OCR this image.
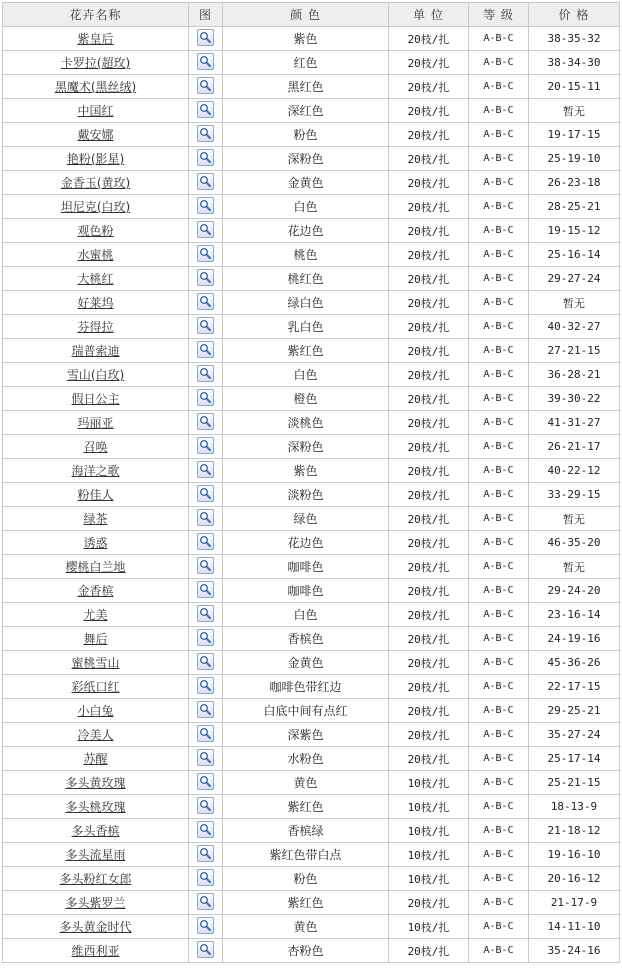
花卉名称	图	颜 色	单 位	等 级	价 格
紫皇后		紫色	20枝/扎	A-B-C	38-35-32
卡罗拉(超玫)		红色	20枝/扎	A-B-C	38-34-30
黑魔术(黑丝绒)		黑红色	20枝/扎	A-B-C	20-15-11
中国红		深红色	20枝/扎	A-B-C	暂无
戴安娜		粉色	20枝/扎	A-B-C	19-17-15
艳粉(影星)		深粉色	20枝/扎	A-B-C	25-19-10
金香玉(黄玫)		金黄色	20枝/扎	A-B-C	26-23-18
坦尼克(白玫)		白色	20枝/扎	A-B-C	28-25-21
观色粉		花边色	20枝/扎	A-B-C	19-15-12
水蜜桃		桃色	20枝/扎	A-B-C	25-16-14
大桃红		桃红色	20枝/扎	A-B-C	29-27-24
好莱坞		绿白色	20枝/扎	A-B-C	暂无
芬得拉		乳白色	20枝/扎	A-B-C	40-32-27
瑞普索迪		紫红色	20枝/扎	A-B-C	27-21-15
雪山(白玫)		白色	20枝/扎	A-B-C	36-28-21
假日公主		橙色	20枝/扎	A-B-C	39-30-22
玛丽亚		淡桃色	20枝/扎	A-B-C	41-31-27
召唤		深粉色	20枝/扎	A-B-C	26-21-17
海洋之歌		紫色	20枝/扎	A-B-C	40-22-12
粉佳人		淡粉色	20枝/扎	A-B-C	33-29-15
绿茶		绿色	20枝/扎	A-B-C	暂无
诱惑		花边色	20枝/扎	A-B-C	46-35-20
樱桃白兰地		咖啡色	20枝/扎	A-B-C	暂无
金香槟		咖啡色	20枝/扎	A-B-C	29-24-20
尤美		白色	20枝/扎	A-B-C	23-16-14
舞后		香槟色	20枝/扎	A-B-C	24-19-16
蜜桃雪山		金黄色	20枝/扎	A-B-C	45-36-26
彩纸口红		咖啡色带红边	20枝/扎	A-B-C	22-17-15
小白兔		白底中间有点红	20枝/扎	A-B-C	29-25-21
冷美人		深紫色	20枝/扎	A-B-C	35-27-24
苏醒		水粉色	20枝/扎	A-B-C	25-17-14
多头黄玫瑰		黄色	10枝/扎	A-B-C	25-21-15
多头桃玫瑰		紫红色	10枝/扎	A-B-C	18-13-9
多头香槟		香槟绿	10枝/扎	A-B-C	21-18-12
多头流星雨		紫红色带白点	10枝/扎	A-B-C	19-16-10
多头粉红女郎		粉色	10枝/扎	A-B-C	20-16-12
多头紫罗兰		紫红色	20枝/扎	A-B-C	21-17-9
多头黄金时代		黄色	10枝/扎	A-B-C	14-11-10
维西利亚		杏粉色	20枝/扎	A-B-C	35-24-16
